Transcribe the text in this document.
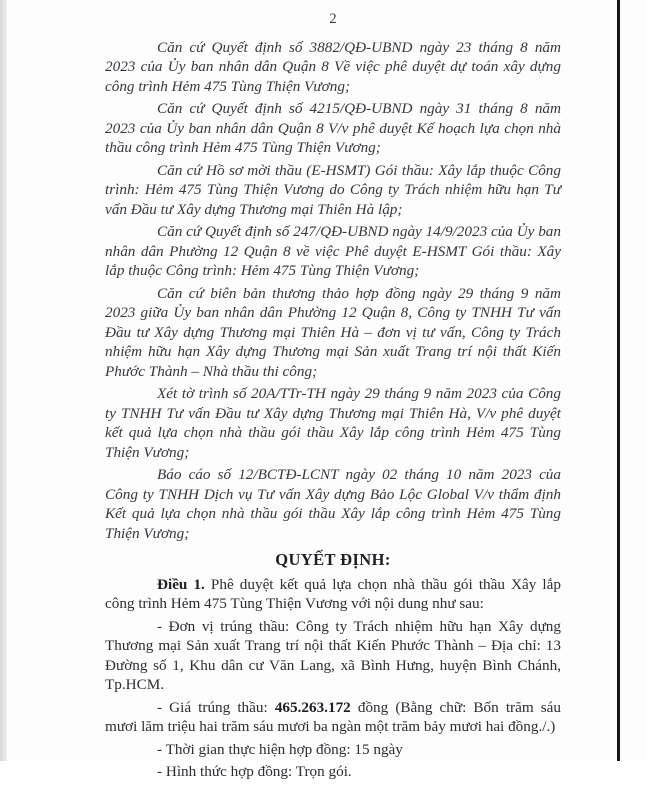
2

Căn cứ Quyết định số 3882/QĐ-UBND ngày 23 tháng 8 năm 2023 của Ủy ban nhân dân Quận 8 Về việc phê duyệt dự toán xây dựng công trình Hẻm 475 Tùng Thiện Vương;

Căn cứ Quyết định số 4215/QĐ-UBND ngày 31 tháng 8 năm 2023 của Ủy ban nhân dân Quận 8 V/v phê duyệt Kế hoạch lựa chọn nhà thầu công trình Hẻm 475 Tùng Thiện Vương;

Căn cứ Hồ sơ mời thầu (E-HSMT) Gói thầu: Xây lắp thuộc Công trình: Hẻm 475 Tùng Thiện Vương do Công ty Trách nhiệm hữu hạn Tư vấn Đầu tư Xây dựng Thương mại Thiên Hà lập;

Căn cứ Quyết định số 247/QĐ-UBND ngày 14/9/2023 của Ủy ban nhân dân Phường 12 Quận 8 về việc Phê duyệt E-HSMT Gói thầu: Xây lắp thuộc Công trình: Hẻm 475 Tùng Thiện Vương;

Căn cứ biên bản thương thảo hợp đồng ngày 29 tháng 9 năm 2023 giữa Ủy ban nhân dân Phường 12 Quận 8, Công ty TNHH Tư vấn Đầu tư Xây dựng Thương mại Thiên Hà – đơn vị tư vấn, Công ty Trách nhiệm hữu hạn Xây dựng Thương mại Sản xuất Trang trí nội thất Kiến Phước Thành – Nhà thầu thi công;

Xét tờ trình số 20A/TTr-TH ngày 29 tháng 9 năm 2023 của Công ty TNHH Tư vấn Đầu tư Xây dựng Thương mại Thiên Hà, V/v phê duyệt kết quả lựa chọn nhà thầu gói thầu Xây lắp công trình Hẻm 475 Tùng Thiện Vương;

Báo cáo số 12/BCTĐ-LCNT ngày 02 tháng 10 năm 2023 của Công ty TNHH Dịch vụ Tư vấn Xây dựng Bảo Lộc Global V/v thẩm định Kết quả lựa chọn nhà thầu gói thầu Xây lắp công trình Hẻm 475 Tùng Thiện Vương;

QUYẾT ĐỊNH:

Điều 1. Phê duyệt kết quả lựa chọn nhà thầu gói thầu Xây lắp công trình Hẻm 475 Tùng Thiện Vương với nội dung như sau:

- Đơn vị trúng thầu: Công ty Trách nhiệm hữu hạn Xây dựng Thương mại Sản xuất Trang trí nội thất Kiến Phước Thành – Địa chỉ: 13 Đường số 1, Khu dân cư Văn Lang, xã Bình Hưng, huyện Bình Chánh, Tp.HCM.

- Giá trúng thầu: 465.263.172 đồng (Bằng chữ: Bốn trăm sáu mươi lăm triệu hai trăm sáu mươi ba ngàn một trăm bảy mươi hai đồng./.)

- Thời gian thực hiện hợp đồng: 15 ngày

- Hình thức hợp đồng: Trọn gói.
